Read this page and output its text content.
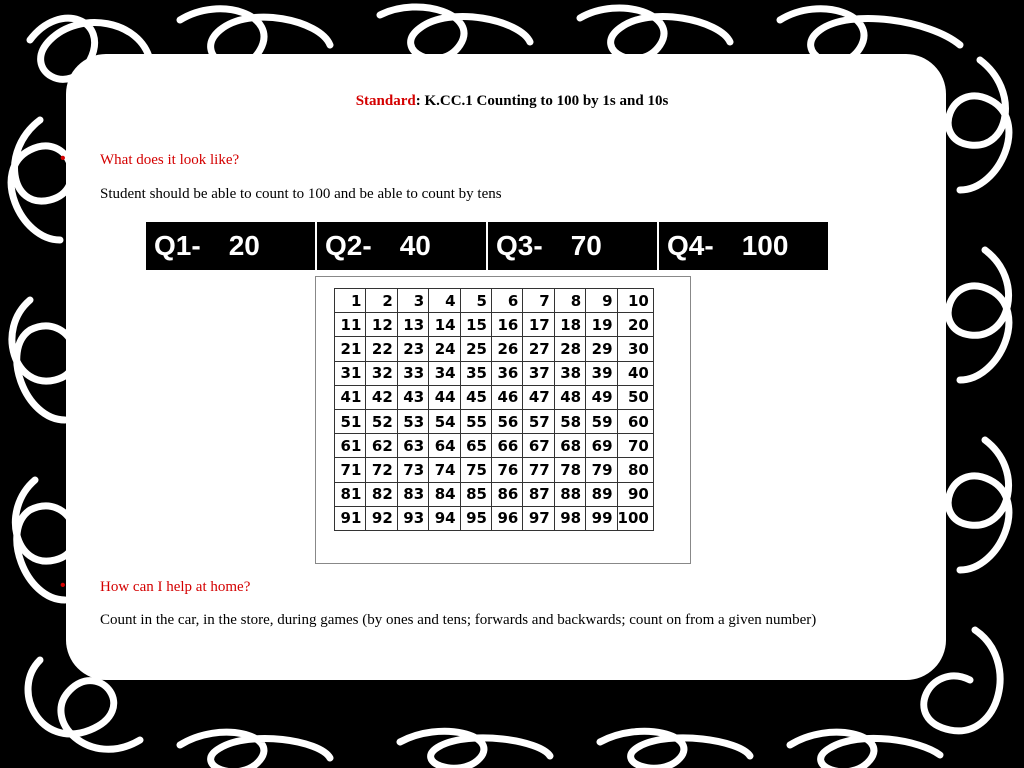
Standard: K.CC.1 Counting to 100 by 1s and 10s
• What does it look like?
Student should be able to count to 100 and be able to count by tens
Q1- 20 Q2- 40 Q3- 70 Q4- 100
1	2	3	4	5	6	7	8	9	10
11	12	13	14	15	16	17	18	19	20
21	22	23	24	25	26	27	28	29	30
31	32	33	34	35	36	37	38	39	40
41	42	43	44	45	46	47	48	49	50
51	52	53	54	55	56	57	58	59	60
61	62	63	64	65	66	67	68	69	70
71	72	73	74	75	76	77	78	79	80
81	82	83	84	85	86	87	88	89	90
91	92	93	94	95	96	97	98	99	100
• How can I help at home?
Count in the car, in the store, during games (by ones and tens; forwards and backwards; count on from a given number)
